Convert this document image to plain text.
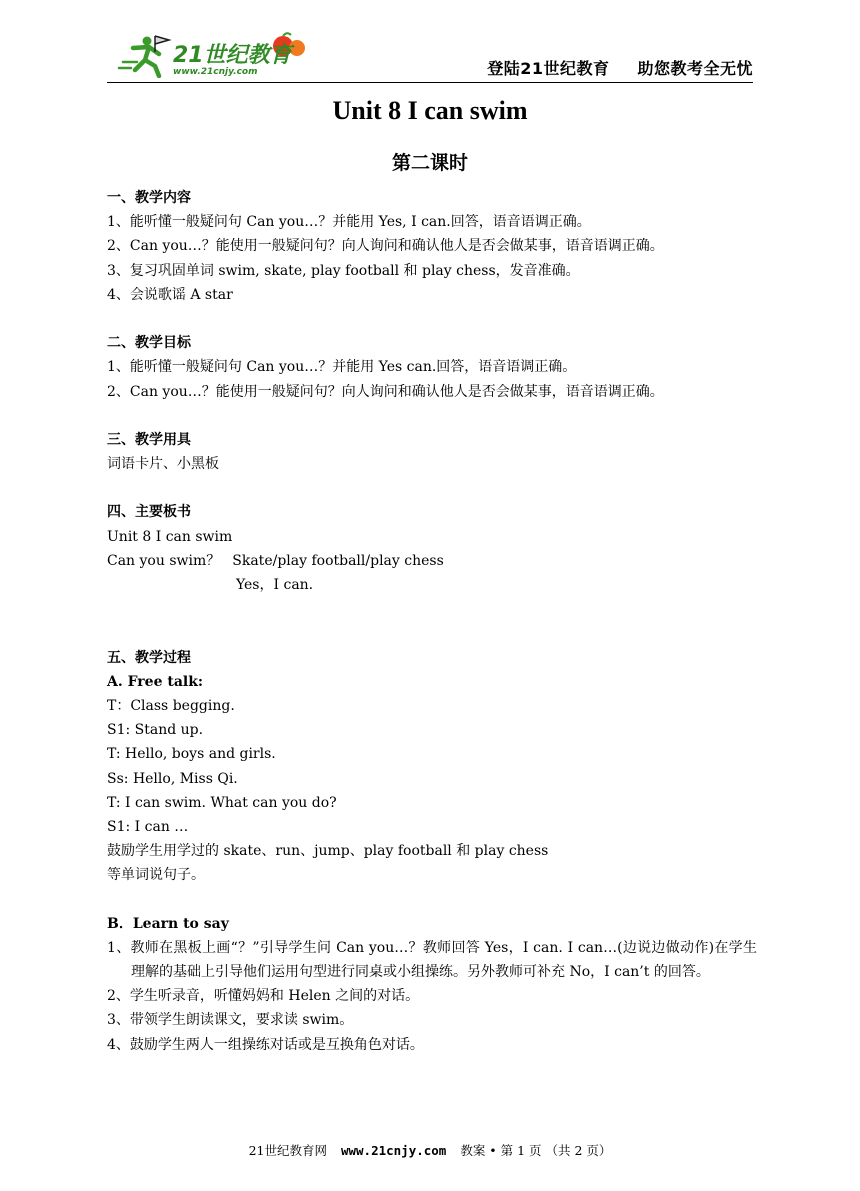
21世纪教育
www.21cnjy.com	登陆21世纪教育 助您教考全无忧
Unit 8 I can swim
第二课时
一、教学内容
1、能听懂一般疑问句 Can you…？并能用 Yes, I can.回答，语音语调正确。
2、Can you…？能使用一般疑问句？向人询问和确认他人是否会做某事，语音语调正确。
3、复习巩固单词 swim, skate, play football 和 play chess，发音准确。
4、会说歌谣 A star
二、教学目标
1、能听懂一般疑问句 Can you…？并能用 Yes can.回答，语音语调正确。
2、Can you…？能使用一般疑问句？向人询问和确认他人是否会做某事，语音语调正确。
三、教学用具
词语卡片、小黑板
四、主要板书
Unit 8 I can swim
Can you swim？ Skate/play football/play chess
Yes，I can.
五、教学过程
A. Free talk:
T：Class begging.
S1: Stand up.
T: Hello, boys and girls.
Ss: Hello, Miss Qi.
T: I can swim. What can you do?
S1: I can …
鼓励学生用学过的 skate、run、jump、play football 和 play chess
等单词说句子。
B．Learn to say
1、教师在黑板上画“？”引导学生问 Can you…？教师回答 Yes，I can. I can…(边说边做动作)在学生理解的基础上引导他们运用句型进行同桌或小组操练。另外教师可补充 No，I can’t 的回答。
2、学生听录音，听懂妈妈和 Helen 之间的对话。
3、带领学生朗读课文，要求读 swim。
4、鼓励学生两人一组操练对话或是互换角色对话。
21世纪教育网 www.21cnjy.com 教案 • 第 1 页 （共 2 页）
